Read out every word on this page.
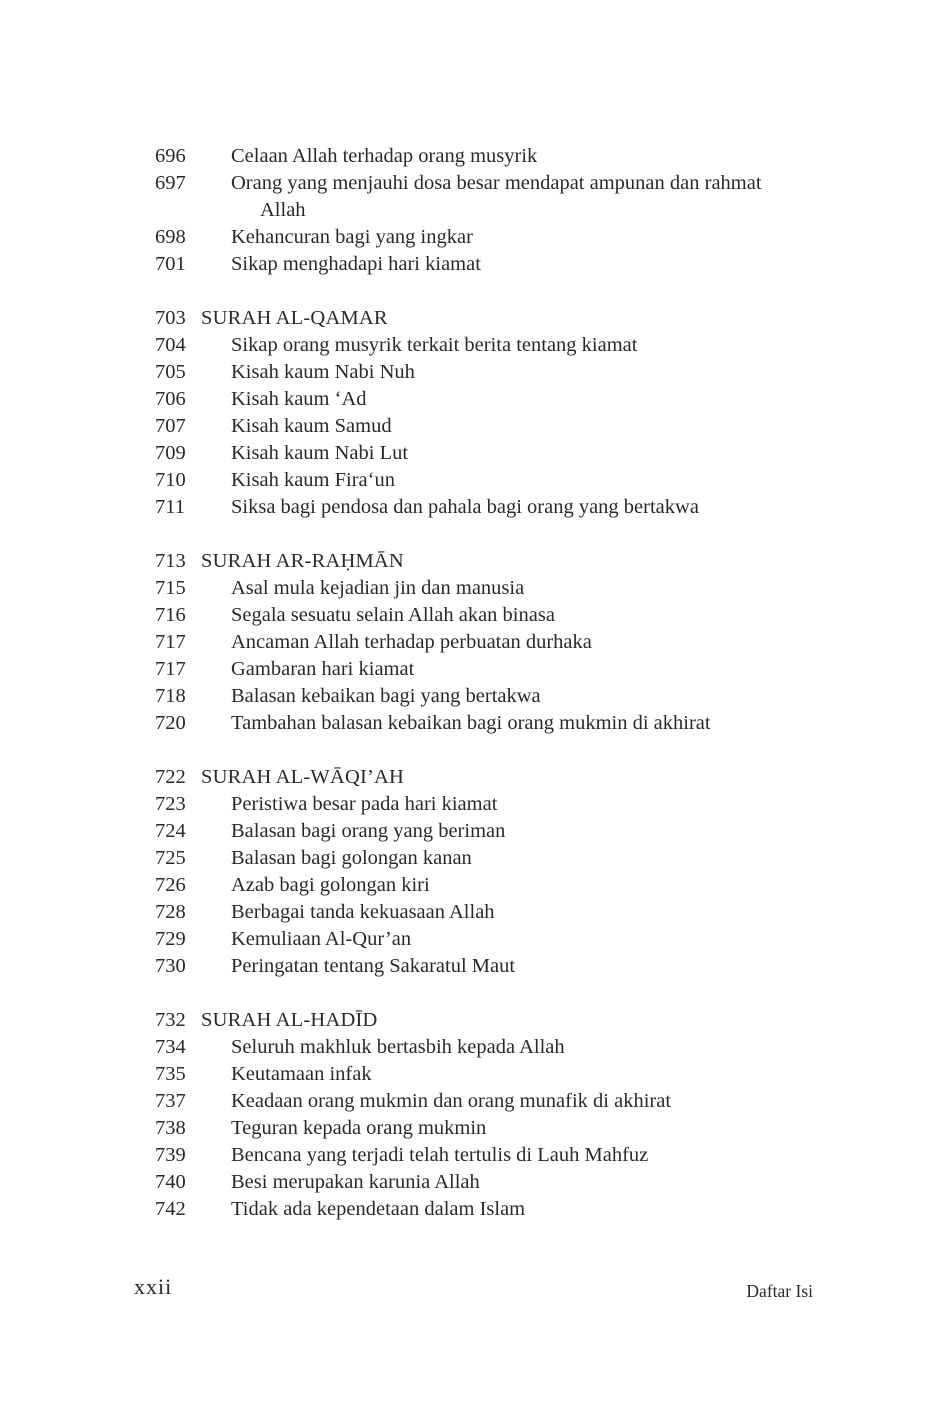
696	Celaan Allah terhadap orang musyrik
697	Orang yang menjauhi dosa besar mendapat ampunan dan rahmat
Allah
698	Kehancuran bagi yang ingkar
701	Sikap menghadapi hari kiamat
703 SURAH AL-QAMAR
704	Sikap orang musyrik terkait berita tentang kiamat
705	Kisah kaum Nabi Nuh
706	Kisah kaum ‘Ad
707	Kisah kaum Samud
709	Kisah kaum Nabi Lut
710	Kisah kaum Fira‘un
711	Siksa bagi pendosa dan pahala bagi orang yang bertakwa
713 SURAH AR-RAḤMĀN
715	Asal mula kejadian jin dan manusia
716	Segala sesuatu selain Allah akan binasa
717	Ancaman Allah terhadap perbuatan durhaka
717	Gambaran hari kiamat
718	Balasan kebaikan bagi yang bertakwa
720	Tambahan balasan kebaikan bagi orang mukmin di akhirat
722 SURAH AL-WĀQI’AH
723	Peristiwa besar pada hari kiamat
724	Balasan bagi orang yang beriman
725	Balasan bagi golongan kanan
726	Azab bagi golongan kiri
728	Berbagai tanda kekuasaan Allah
729	Kemuliaan Al-Qur’an
730	Peringatan tentang Sakaratul Maut
732 SURAH AL-HADĪD
734	Seluruh makhluk bertasbih kepada Allah
735	Keutamaan infak
737	Keadaan orang mukmin dan orang munafik di akhirat
738	Teguran kepada orang mukmin
739	Bencana yang terjadi telah tertulis di Lauh Mahfuz
740	Besi merupakan karunia Allah
742	Tidak ada kependetaan dalam Islam
xxii	Daftar Isi
